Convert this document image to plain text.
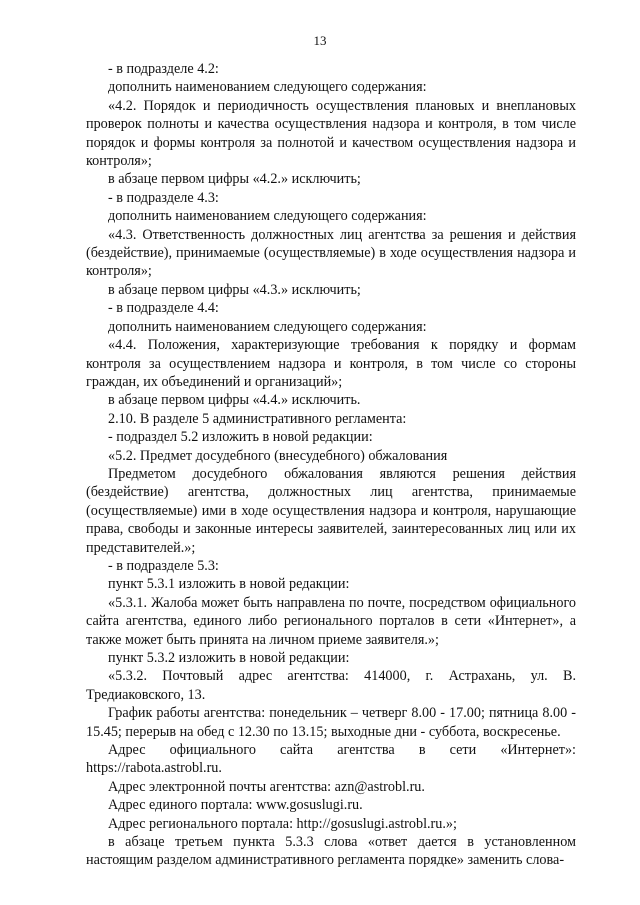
13

- в подразделе 4.2:

дополнить наименованием следующего содержания:

«4.2. Порядок и периодичность осуществления плановых и внеплановых проверок полноты и качества осуществления надзора и контроля, в том числе порядок и формы контроля за полнотой и качеством осуществления надзора и контроля»;

в абзаце первом цифры «4.2.» исключить;

- в подразделе 4.3:

дополнить наименованием следующего содержания:

«4.3. Ответственность должностных лиц агентства за решения и действия (бездействие), принимаемые (осуществляемые) в ходе осуществления надзора и контроля»;

в абзаце первом цифры «4.3.» исключить;

- в подразделе 4.4:

дополнить наименованием следующего содержания:

«4.4. Положения, характеризующие требования к порядку и формам контроля за осуществлением надзора и контроля, в том числе со стороны граждан, их объединений и организаций»;

в абзаце первом цифры «4.4.» исключить.

2.10. В разделе 5 административного регламента:

- подраздел 5.2 изложить в новой редакции:

«5.2. Предмет досудебного (внесудебного) обжалования

Предметом досудебного обжалования являются решения действия (бездействие) агентства, должностных лиц агентства, принимаемые (осуществляемые) ими в ходе осуществления надзора и контроля, нарушающие права, свободы и законные интересы заявителей, заинтересованных лиц или их представителей.»;

- в подразделе 5.3:

пункт 5.3.1 изложить в новой редакции:

«5.3.1. Жалоба может быть направлена по почте, посредством официального сайта агентства, единого либо регионального порталов в сети «Интернет», а также может быть принята на личном приеме заявителя.»;

пункт 5.3.2 изложить в новой редакции:

«5.3.2. Почтовый адрес агентства: 414000, г. Астрахань, ул. В. Тредиаковского, 13.

График работы агентства: понедельник – четверг 8.00 - 17.00; пятница 8.00 - 15.45; перерыв на обед с 12.30 по 13.15; выходные дни - суббота, воскресенье.

Адрес официального сайта агентства в сети «Интернет»: https://rabota.astrobl.ru.

Адрес электронной почты агентства: azn@astrobl.ru.

Адрес единого портала: www.gosuslugi.ru.

Адрес регионального портала: http://gosuslugi.astrobl.ru.»;

в абзаце третьем пункта 5.3.3 слова «ответ дается в установленном настоящим разделом административного регламента порядке» заменить слова-
